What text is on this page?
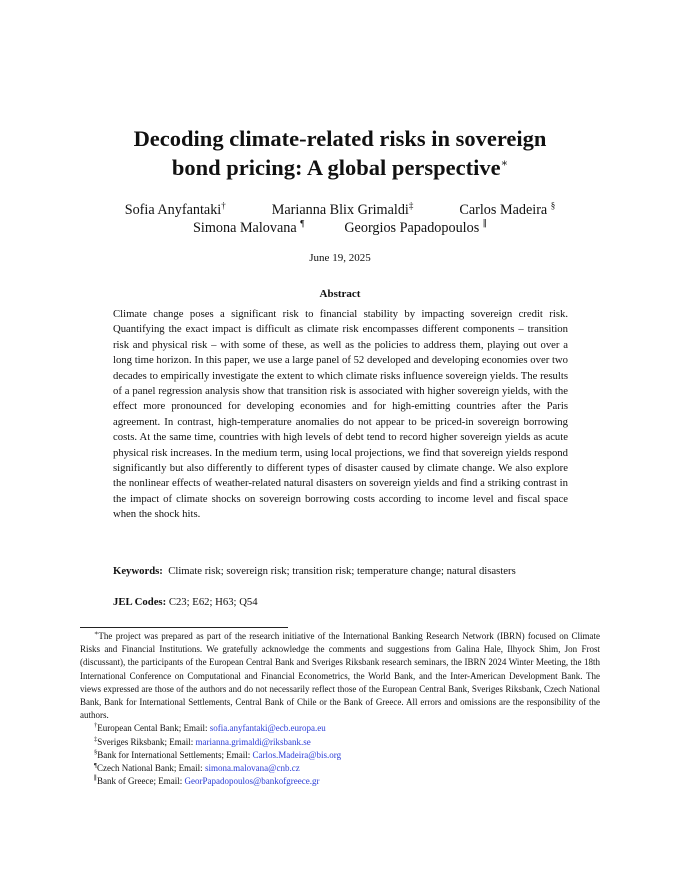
Decoding climate-related risks in sovereign
bond pricing: A global perspective∗
Sofia Anyfantaki†	Marianna Blix Grimaldi‡	Carlos Madeira §
Simona Malovana ¶	Georgios Papadopoulos ∥
June 19, 2025
Abstract
Climate change poses a significant risk to financial stability by impacting sovereign credit risk. Quantifying the exact impact is difficult as climate risk encompasses different components – transition risk and physical risk – with some of these, as well as the policies to address them, playing out over a long time horizon. In this paper, we use a large panel of 52 developed and developing economies over two decades to empirically investigate the extent to which climate risks influence sovereign yields. The results of a panel regression analysis show that transition risk is associated with higher sovereign yields, with the effect more pronounced for developing economies and for high-emitting countries after the Paris agreement. In contrast, high-temperature anomalies do not appear to be priced-in sovereign borrowing costs. At the same time, countries with high levels of debt tend to record higher sovereign yields as acute physical risk increases. In the medium term, using local projections, we find that sovereign yields respond significantly but also differently to different types of disaster caused by climate change. We also explore the nonlinear effects of weather-related natural disasters on sovereign yields and find a striking contrast in the impact of climate shocks on sovereign borrowing costs according to income level and fiscal space when the shock hits.
Keywords: Climate risk; sovereign risk; transition risk; temperature change; natural disasters
JEL Codes: C23; E62; H63; Q54

∗The project was prepared as part of the research initiative of the International Banking Research Network (IBRN) focused on Climate Risks and Financial Institutions. We gratefully acknowledge the comments and suggestions from Galina Hale, Ilhyock Shim, Jon Frost (discussant), the participants of the European Central Bank and Sveriges Riksbank research seminars, the IBRN 2024 Winter Meeting, the 18th International Conference on Computational and Financial Econometrics, the World Bank, and the Inter-American Development Bank. The views expressed are those of the authors and do not necessarily reflect those of the European Central Bank, Sveriges Riksbank, Czech National Bank, Bank for International Settlements, Central Bank of Chile or the Bank of Greece. All errors and omissions are the responsibility of the authors.

†European Cental Bank; Email: sofia.anyfantaki@ecb.europa.eu

‡Sveriges Riksbank; Email: marianna.grimaldi@riksbank.se

§Bank for International Settlements; Email: Carlos.Madeira@bis.org

¶Czech National Bank; Email: simona.malovana@cnb.cz

∥Bank of Greece; Email: GeorPapadopoulos@bankofgreece.gr
